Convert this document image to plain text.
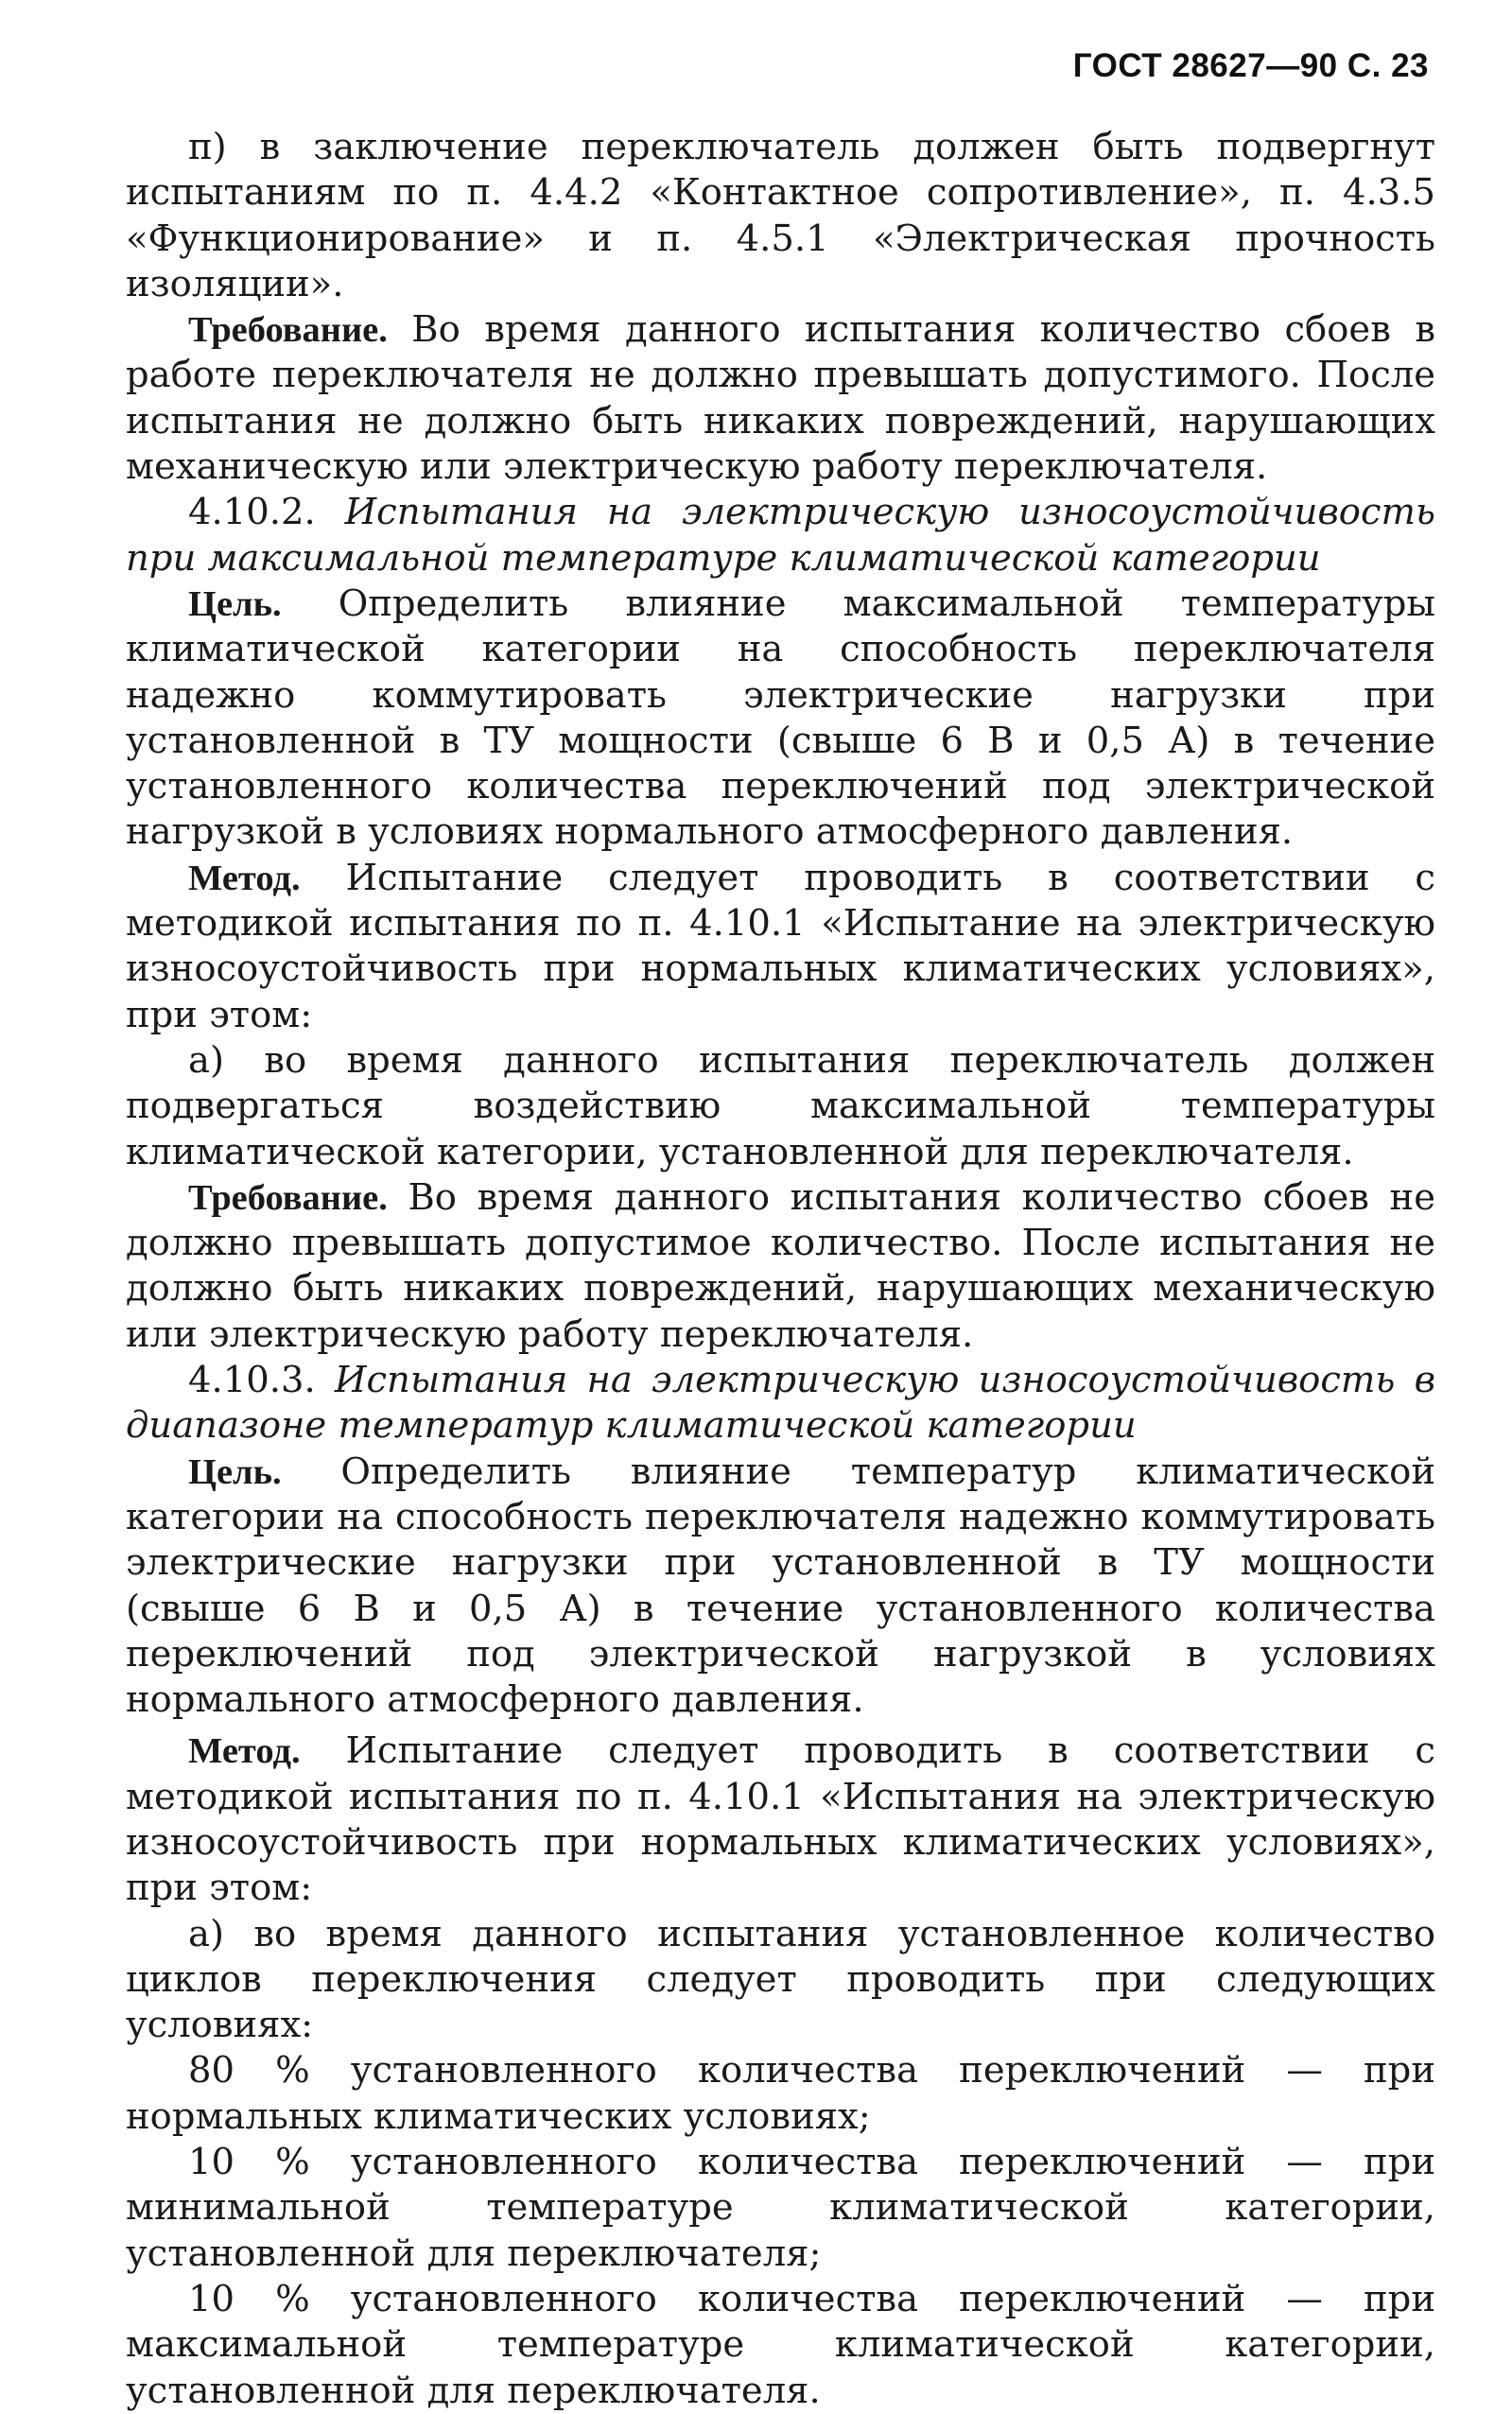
ГОСТ 28627—90 С. 23

п) в заключение переключатель должен быть подвергнут испытаниям по п. 4.4.2 «Контактное сопротивление», п. 4.3.5 «Функционирование» и п. 4.5.1 «Электрическая прочность изоляции».

Требование. Во время данного испытания количество сбоев в работе переключателя не должно превышать допустимого. После испытания не должно быть никаких повреждений, нарушающих механическую или электрическую работу переключателя.

4.10.2. Испытания на электрическую износоустойчивость при максимальной температуре климатической категории

Цель. Определить влияние максимальной температуры климатической категории на способность переключателя надежно коммутировать электрические нагрузки при установленной в ТУ мощности (свыше 6 В и 0,5 А) в течение установленного количества переключений под электрической нагрузкой в условиях нормального атмосферного давления.

Метод. Испытание следует проводить в соответствии с методикой испытания по п. 4.10.1 «Испытание на электрическую износоустойчивость при нормальных климатических условиях», при этом:

а) во время данного испытания переключатель должен подвергаться воздействию максимальной температуры климатической категории, установленной для переключателя.

Требование. Во время данного испытания количество сбоев не должно превышать допустимое количество. После испытания не должно быть никаких повреждений, нарушающих механическую или электрическую работу переключателя.

4.10.3. Испытания на электрическую износоустойчивость в диапазоне температур климатической категории

Цель. Определить влияние температур климатической категории на способность переключателя надежно коммутировать электрические нагрузки при установленной в ТУ мощности (свыше 6 В и 0,5 А) в течение установленного количества переключений под электрической нагрузкой в условиях нормального атмосферного давления.

Метод. Испытание следует проводить в соответствии с методикой испытания по п. 4.10.1 «Испытания на электрическую износоустойчивость при нормальных климатических условиях», при этом:

а) во время данного испытания установленное количество циклов переключения следует проводить при следующих условиях:

80 % установленного количества переключений — при нормальных климатических условиях;

10 % установленного количества переключений — при минимальной температуре климатической категории, установленной для переключателя;

10 % установленного количества переключений — при максимальной температуре климатической категории, установленной для переключателя.
